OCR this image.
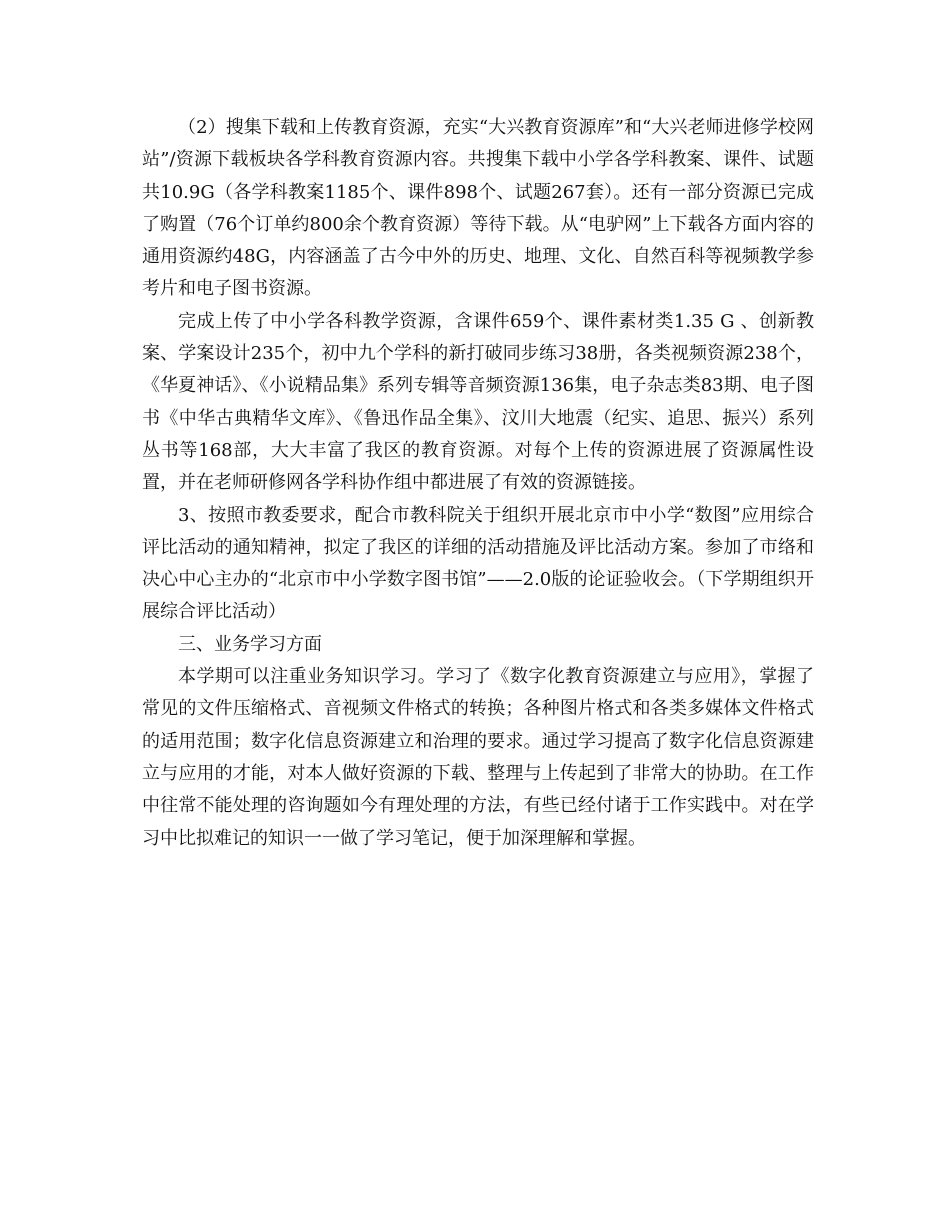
（2）搜集下载和上传教育资源，充实“大兴教育资源库”和“大兴老师进修学校网站”/资源下载板块各学科教育资源内容。共搜集下载中小学各学科教案、课件、试题共10.9G（各学科教案1185个、课件898个、试题267套）。还有一部分资源已完成了购置（76个订单约800余个教育资源）等待下载。从“电驴网”上下载各方面内容的通用资源约48G，内容涵盖了古今中外的历史、地理、文化、自然百科等视频教学参考片和电子图书资源。

完成上传了中小学各科教学资源，含课件659个、课件素材类1.35 G 、创新教案、学案设计235个，初中九个学科的新打破同步练习38册，各类视频资源238个，《华夏神话》、《小说精品集》系列专辑等音频资源136集，电子杂志类83期、电子图书《中华古典精华文库》、《鲁迅作品全集》、汶川大地震（纪实、追思、振兴）系列丛书等168部，大大丰富了我区的教育资源。对每个上传的资源进展了资源属性设置，并在老师研修网各学科协作组中都进展了有效的资源链接。

3、按照市教委要求，配合市教科院关于组织开展北京市中小学“数图”应用综合评比活动的通知精神，拟定了我区的详细的活动措施及评比活动方案。参加了市络和决心中心主办的“北京市中小学数字图书馆”——2.0版的论证验收会。（下学期组织开展综合评比活动）

三、业务学习方面

本学期可以注重业务知识学习。学习了《数字化教育资源建立与应用》，掌握了常见的文件压缩格式、音视频文件格式的转换；各种图片格式和各类多媒体文件格式的适用范围；数字化信息资源建立和治理的要求。通过学习提高了数字化信息资源建立与应用的才能，对本人做好资源的下载、整理与上传起到了非常大的协助。在工作中往常不能处理的咨询题如今有理处理的方法，有些已经付诸于工作实践中。对在学习中比拟难记的知识一一做了学习笔记，便于加深理解和掌握。
